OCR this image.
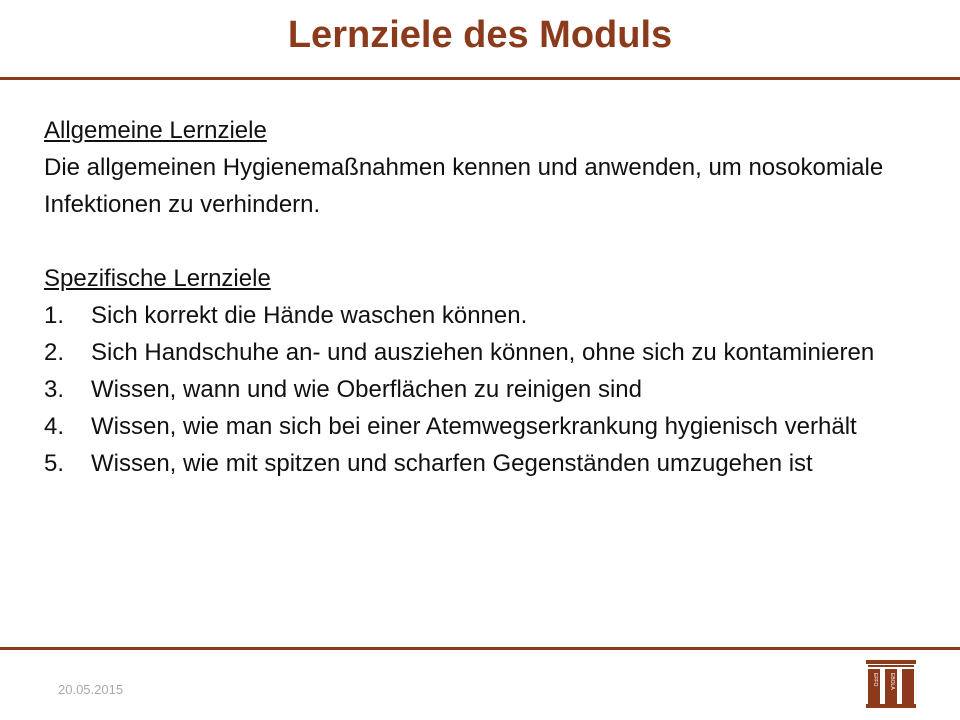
Lernziele des Moduls
Allgemeine Lernziele
Die allgemeinen Hygienemaßnahmen kennen und anwenden, um nosokomiale Infektionen zu verhindern.
Spezifische Lernziele
1. Sich korrekt die Hände waschen können.
2. Sich Handschuhe an- und ausziehen können, ohne sich zu kontaminieren
3. Wissen, wann und wie Oberflächen zu reinigen sind
4. Wissen, wie man sich bei einer Atemwegserkrankung hygienisch verhält
5. Wissen, wie mit spitzen und scharfen Gegenständen umzugehen ist
20.05.2015
EFFO EBOLA
